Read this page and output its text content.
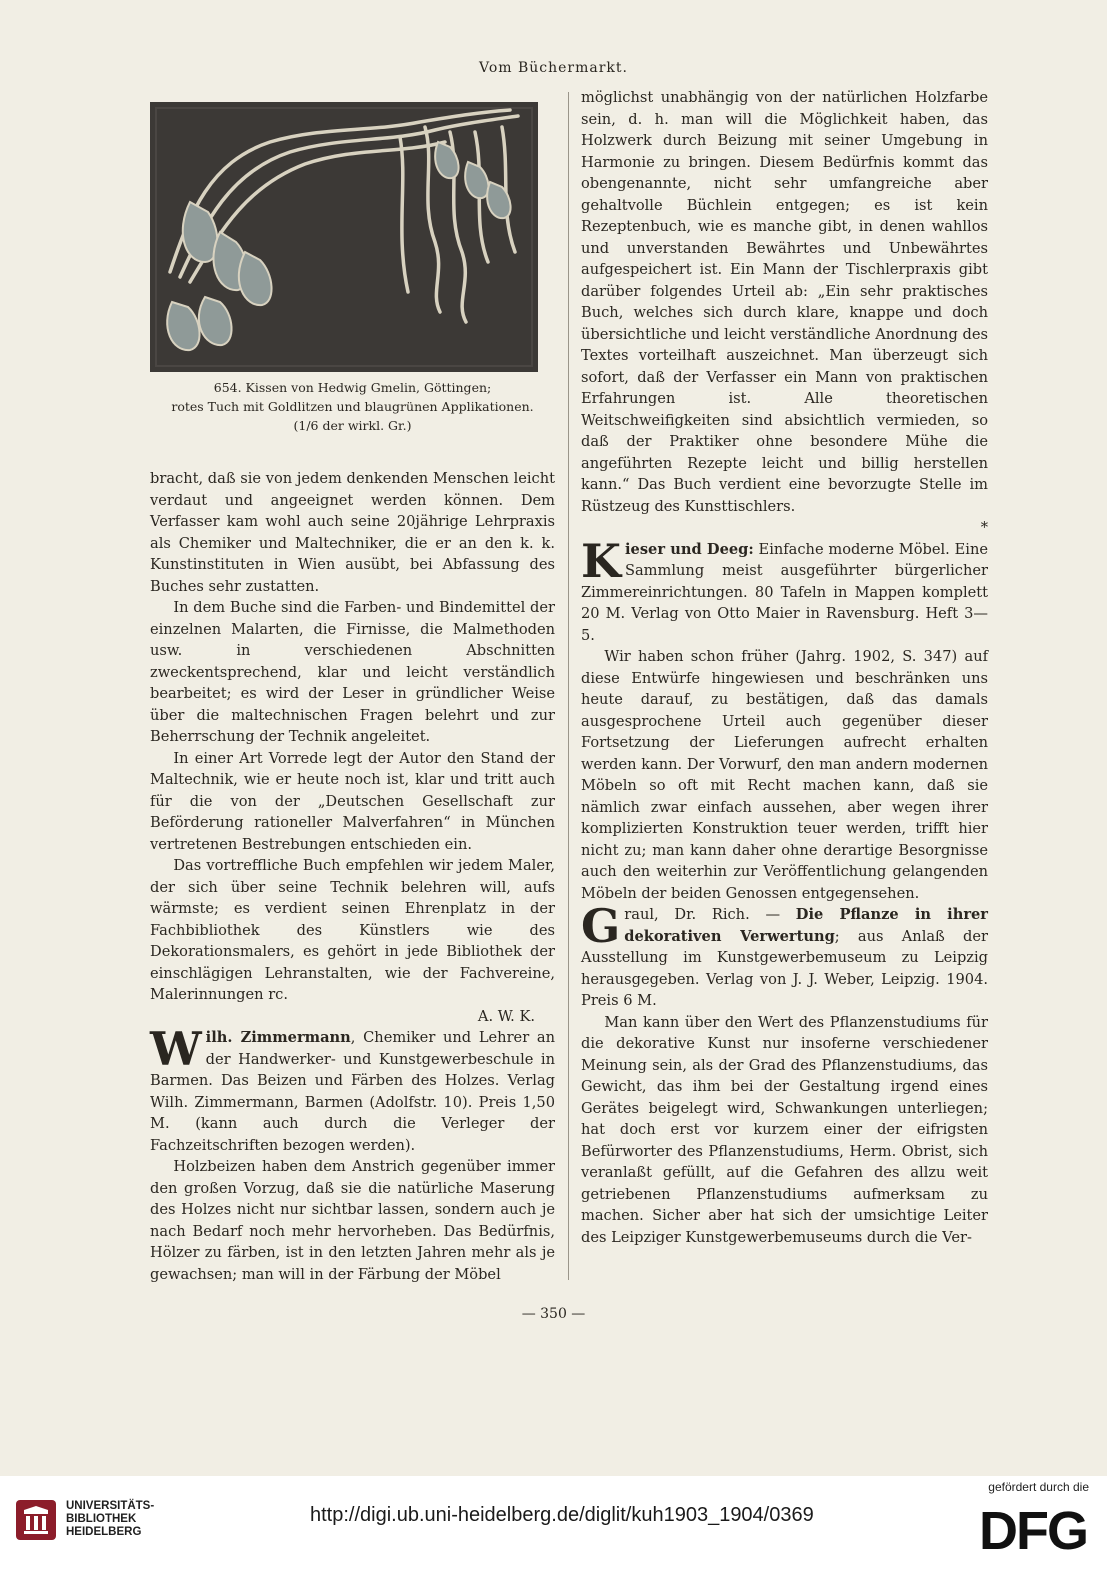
Vom Büchermarkt.
654. Kissen von Hedwig Gmelin, Göttingen;
rotes Tuch mit Goldlitzen und blaugrünen Applikationen.
(1/6 der wirkl. Gr.)

bracht, daß sie von jedem denkenden Menschen leicht verdaut und angeeignet werden können. Dem Verfasser kam wohl auch seine 20jährige Lehrpraxis als Chemiker und Maltechniker, die er an den k. k. Kunstinstituten in Wien ausübt, bei Abfassung des Buches sehr zustatten.

In dem Buche sind die Farben- und Bindemittel der einzelnen Malarten, die Firnisse, die Malmethoden usw. in verschiedenen Abschnitten zweckentsprechend, klar und leicht verständlich bearbeitet; es wird der Leser in gründlicher Weise über die maltechnischen Fragen belehrt und zur Beherrschung der Technik angeleitet.

In einer Art Vorrede legt der Autor den Stand der Maltechnik, wie er heute noch ist, klar und tritt auch für die von der „Deutschen Gesellschaft zur Beförderung rationeller Malverfahren“ in München vertretenen Bestrebungen entschieden ein.

Das vortreffliche Buch empfehlen wir jedem Maler, der sich über seine Technik belehren will, aufs wärmste; es verdient seinen Ehrenplatz in der Fachbibliothek des Künstlers wie des Dekorationsmalers, es gehört in jede Bibliothek der einschlägigen Lehranstalten, wie der Fachvereine, Malerinnungen rc.

A. W. K.

Wilh. Zimmermann, Chemiker und Lehrer an der Handwerker- und Kunstgewerbeschule in Barmen. Das Beizen und Färben des Holzes. Verlag Wilh. Zimmermann, Barmen (Adolfstr. 10). Preis 1,50 M. (kann auch durch die Verleger der Fachzeitschriften bezogen werden).

Holzbeizen haben dem Anstrich gegenüber immer den großen Vorzug, daß sie die natürliche Maserung des Holzes nicht nur sichtbar lassen, sondern auch je nach Bedarf noch mehr hervorheben. Das Bedürfnis, Hölzer zu färben, ist in den letzten Jahren mehr als je gewachsen; man will in der Färbung der Möbel

möglichst unabhängig von der natürlichen Holzfarbe sein, d. h. man will die Möglichkeit haben, das Holzwerk durch Beizung mit seiner Umgebung in Harmonie zu bringen. Diesem Bedürfnis kommt das obengenannte, nicht sehr umfangreiche aber gehaltvolle Büchlein entgegen; es ist kein Rezeptenbuch, wie es manche gibt, in denen wahllos und unverstanden Bewährtes und Unbewährtes aufgespeichert ist. Ein Mann der Tischlerpraxis gibt darüber folgendes Urteil ab: „Ein sehr praktisches Buch, welches sich durch klare, knappe und doch übersichtliche und leicht verständliche Anordnung des Textes vorteilhaft auszeichnet. Man überzeugt sich sofort, daß der Verfasser ein Mann von praktischen Erfahrungen ist. Alle theoretischen Weitschweifigkeiten sind absichtlich vermieden, so daß der Praktiker ohne besondere Mühe die angeführten Rezepte leicht und billig herstellen kann.“ Das Buch verdient eine bevorzugte Stelle im Rüstzeug des Kunsttischlers.

*

Kieser und Deeg: Einfache moderne Möbel. Eine Sammlung meist ausgeführter bürgerlicher Zimmereinrichtungen. 80 Tafeln in Mappen komplett 20 M. Verlag von Otto Maier in Ravensburg. Heft 3—5.

Wir haben schon früher (Jahrg. 1902, S. 347) auf diese Entwürfe hingewiesen und beschränken uns heute darauf, zu bestätigen, daß das damals ausgesprochene Urteil auch gegenüber dieser Fortsetzung der Lieferungen aufrecht erhalten werden kann. Der Vorwurf, den man andern modernen Möbeln so oft mit Recht machen kann, daß sie nämlich zwar einfach aussehen, aber wegen ihrer komplizierten Konstruktion teuer werden, trifft hier nicht zu; man kann daher ohne derartige Besorgnisse auch den weiterhin zur Veröffentlichung gelangenden Möbeln der beiden Genossen entgegensehen.

Graul, Dr. Rich. — Die Pflanze in ihrer dekorativen Verwertung; aus Anlaß der Ausstellung im Kunstgewerbemuseum zu Leipzig herausgegeben. Verlag von J. J. Weber, Leipzig. 1904. Preis 6 M.

Man kann über den Wert des Pflanzenstudiums für die dekorative Kunst nur insoferne verschiedener Meinung sein, als der Grad des Pflanzenstudiums, das Gewicht, das ihm bei der Gestaltung irgend eines Gerätes beigelegt wird, Schwankungen unterliegen; hat doch erst vor kurzem einer der eifrigsten Befürworter des Pflanzenstudiums, Herm. Obrist, sich veranlaßt gefüllt, auf die Gefahren des allzu weit getriebenen Pflanzenstudiums aufmerksam zu machen. Sicher aber hat sich der umsichtige Leiter des Leipziger Kunstgewerbemuseums durch die Ver-

— 350 —
UNIVERSITÄTS-
BIBLIOTHEK
HEIDELBERG
http://digi.ub.uni-heidelberg.de/diglit/kuh1903_1904/0369
gefördert durch die
DFG
